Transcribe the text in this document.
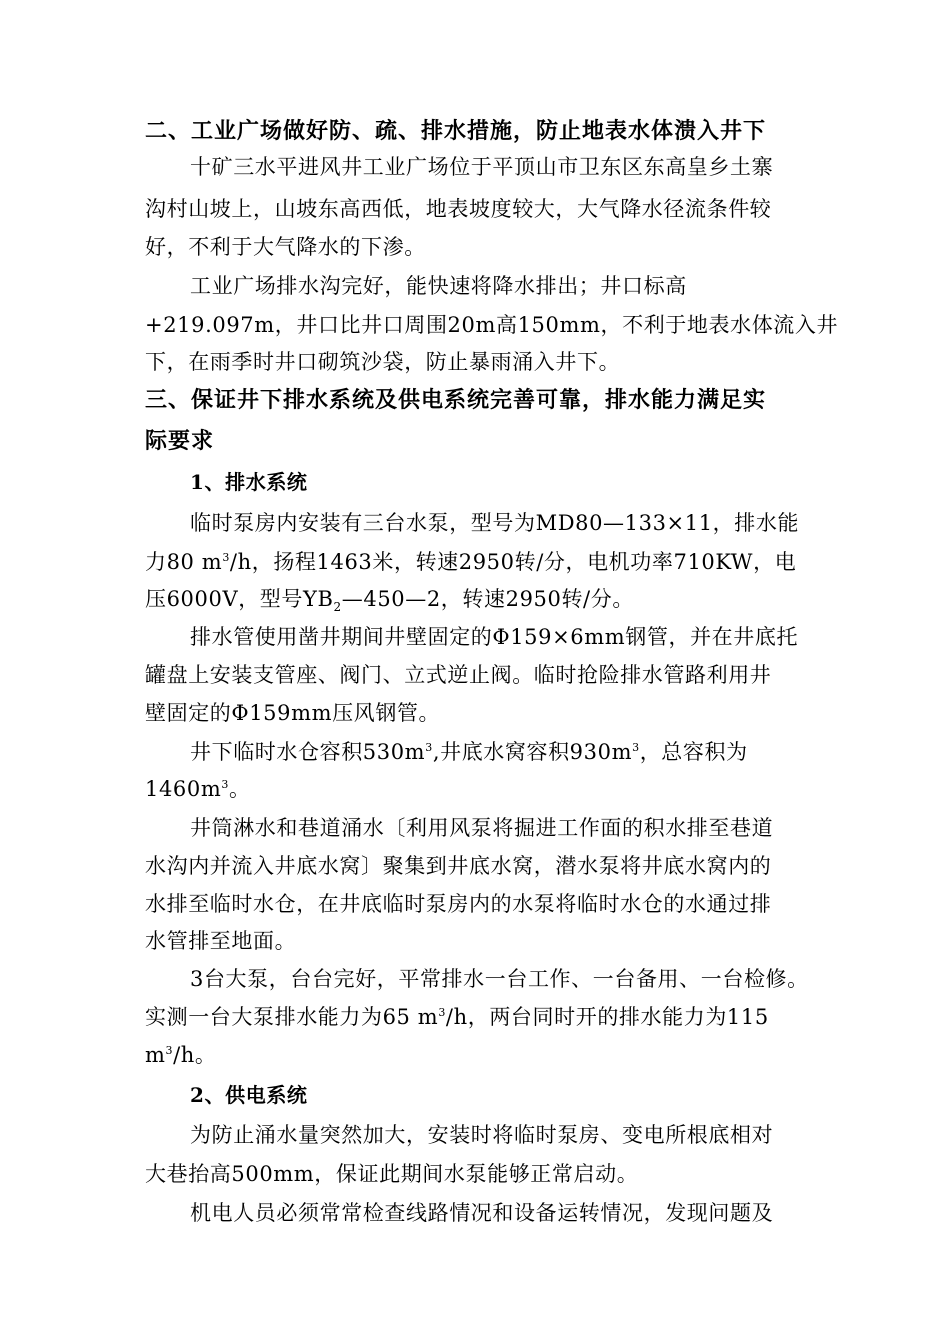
二、工业广场做好防、疏、排水措施，防止地表水体溃入井下
十矿三水平进风井工业广场位于平顶山市卫东区东高皇乡土寨
沟村山坡上，山坡东高西低，地表坡度较大，大气降水径流条件较
好，不利于大气降水的下渗。
工业广场排水沟完好，能快速将降水排出；井口标高
+219.097m，井口比井口周围20m高150mm，不利于地表水体流入井
下，在雨季时井口砌筑沙袋，防止暴雨涌入井下。
三、保证井下排水系统及供电系统完善可靠，排水能力满足实
际要求
1、排水系统
临时泵房内安装有三台水泵，型号为MD80—133×11，排水能
力80 $m^3/h$，扬程1463米，转速2950转/分，电机功率710KW，电
压6000V，型号$YB_2—450—2$，转速2950转/分。
排水管使用凿井期间井壁固定的Φ159×6mm钢管，并在井底托
罐盘上安装支管座、阀门、立式逆止阀。临时抢险排水管路利用井
壁固定的Φ159mm压风钢管。
井下临时水仓容积$530m^3$,井底水窝容积$930m^3$，总容积为
$1460m^3$。
井筒淋水和巷道涌水〔利用风泵将掘进工作面的积水排至巷道
水沟内并流入井底水窝〕聚集到井底水窝，潜水泵将井底水窝内的
水排至临时水仓，在井底临时泵房内的水泵将临时水仓的水通过排
水管排至地面。
3台大泵，台台完好，平常排水一台工作、一台备用、一台检修。
实测一台大泵排水能力为65 $m^3/h$，两台同时开的排水能力为115
$m^3/h$。
2、供电系统
为防止涌水量突然加大，安装时将临时泵房、变电所根底相对
大巷抬高500mm，保证此期间水泵能够正常启动。
机电人员必须常常检查线路情况和设备运转情况，发现问题及
